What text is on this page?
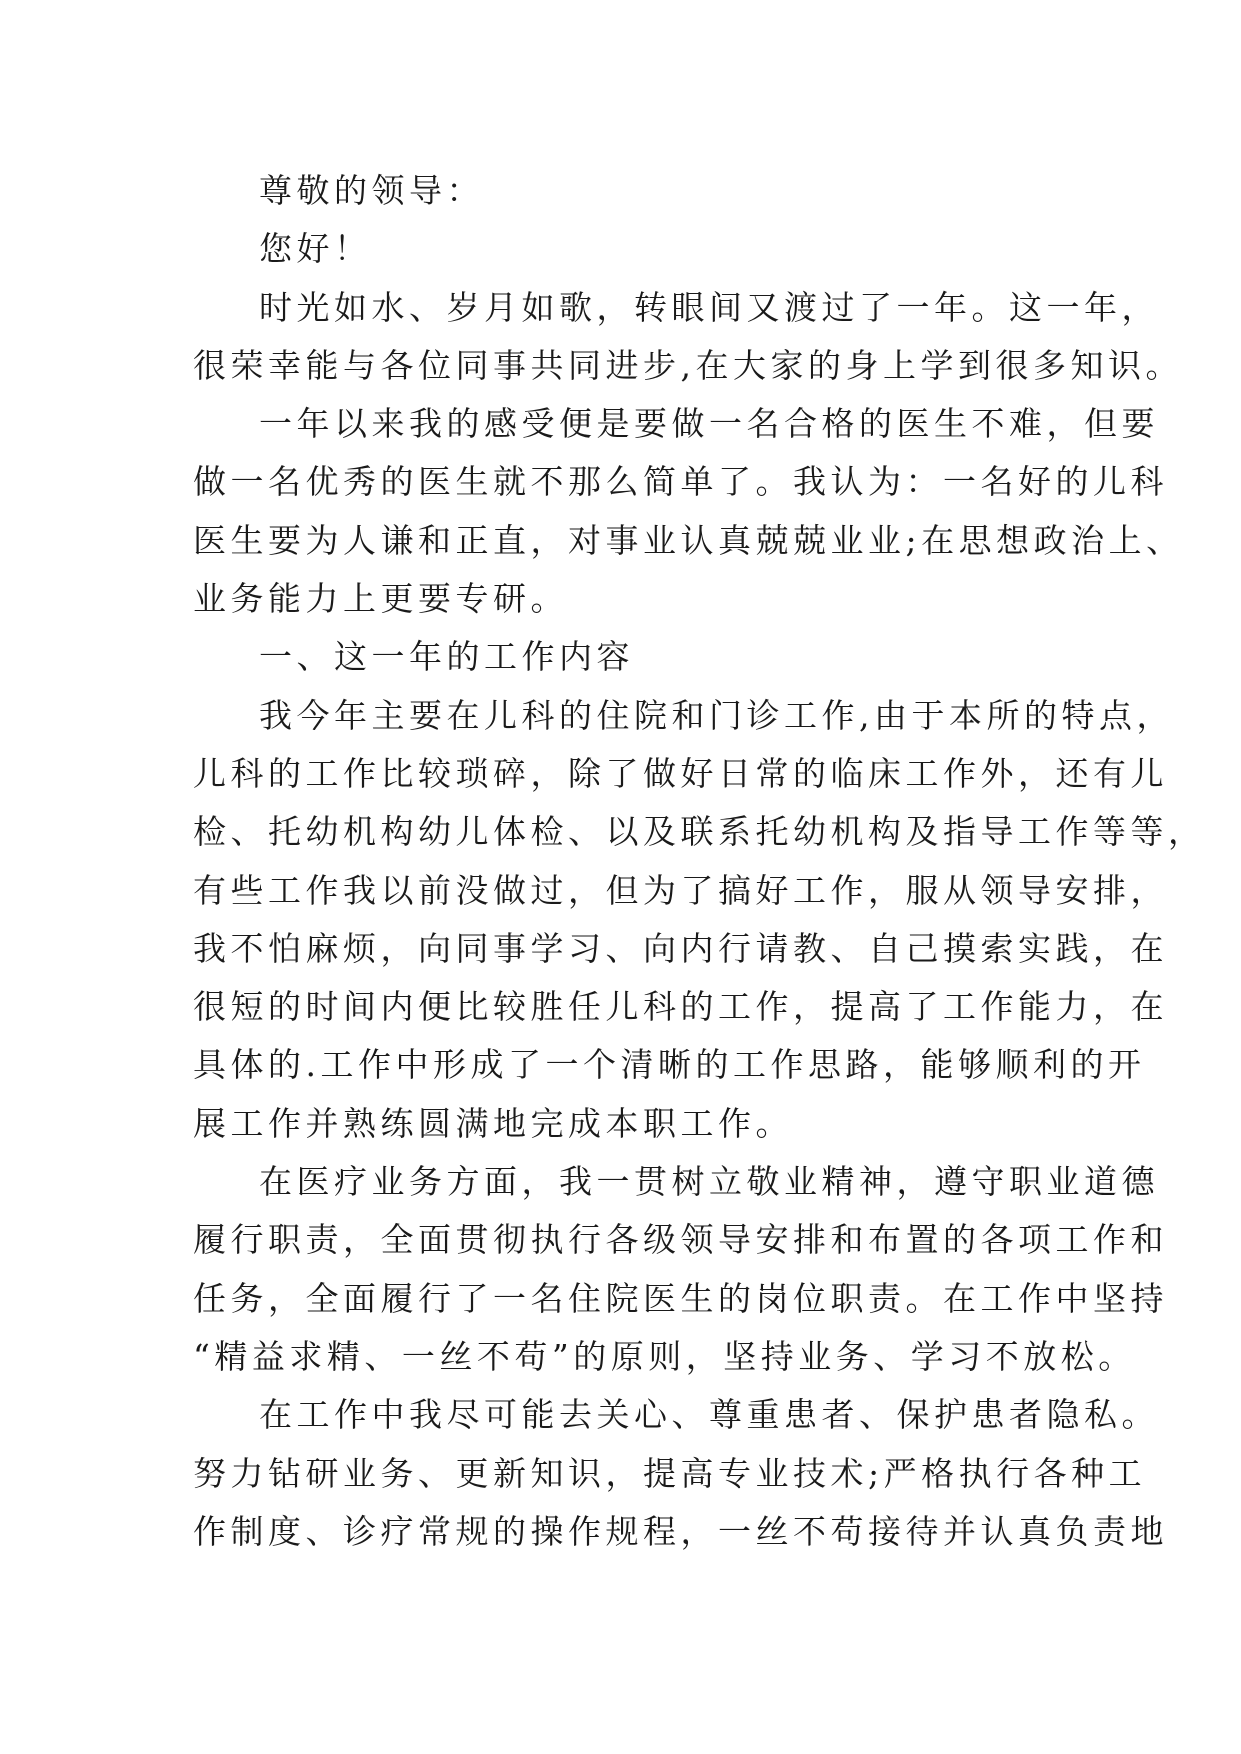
尊敬的领导：
您好！
时光如水、岁月如歌，转眼间又渡过了一年。这一年，
很荣幸能与各位同事共同进步,在大家的身上学到很多知识。
一年以来我的感受便是要做一名合格的医生不难，但要
做一名优秀的医生就不那么简单了。我认为：一名好的儿科
医生要为人谦和正直，对事业认真兢兢业业;在思想政治上、
业务能力上更要专研。
一、这一年的工作内容
我今年主要在儿科的住院和门诊工作,由于本所的特点，
儿科的工作比较琐碎，除了做好日常的临床工作外，还有儿
检、托幼机构幼儿体检、以及联系托幼机构及指导工作等等，
有些工作我以前没做过，但为了搞好工作，服从领导安排，
我不怕麻烦，向同事学习、向内行请教、自己摸索实践，在
很短的时间内便比较胜任儿科的工作，提高了工作能力，在
具体的.工作中形成了一个清晰的工作思路，能够顺利的开
展工作并熟练圆满地完成本职工作。
在医疗业务方面，我一贯树立敬业精神，遵守职业道德
履行职责，全面贯彻执行各级领导安排和布置的各项工作和
任务，全面履行了一名住院医生的岗位职责。在工作中坚持
“精益求精、一丝不苟”的原则，坚持业务、学习不放松。
在工作中我尽可能去关心、尊重患者、保护患者隐私。
努力钻研业务、更新知识，提高专业技术;严格执行各种工
作制度、诊疗常规的操作规程，一丝不苟接待并认真负责地
